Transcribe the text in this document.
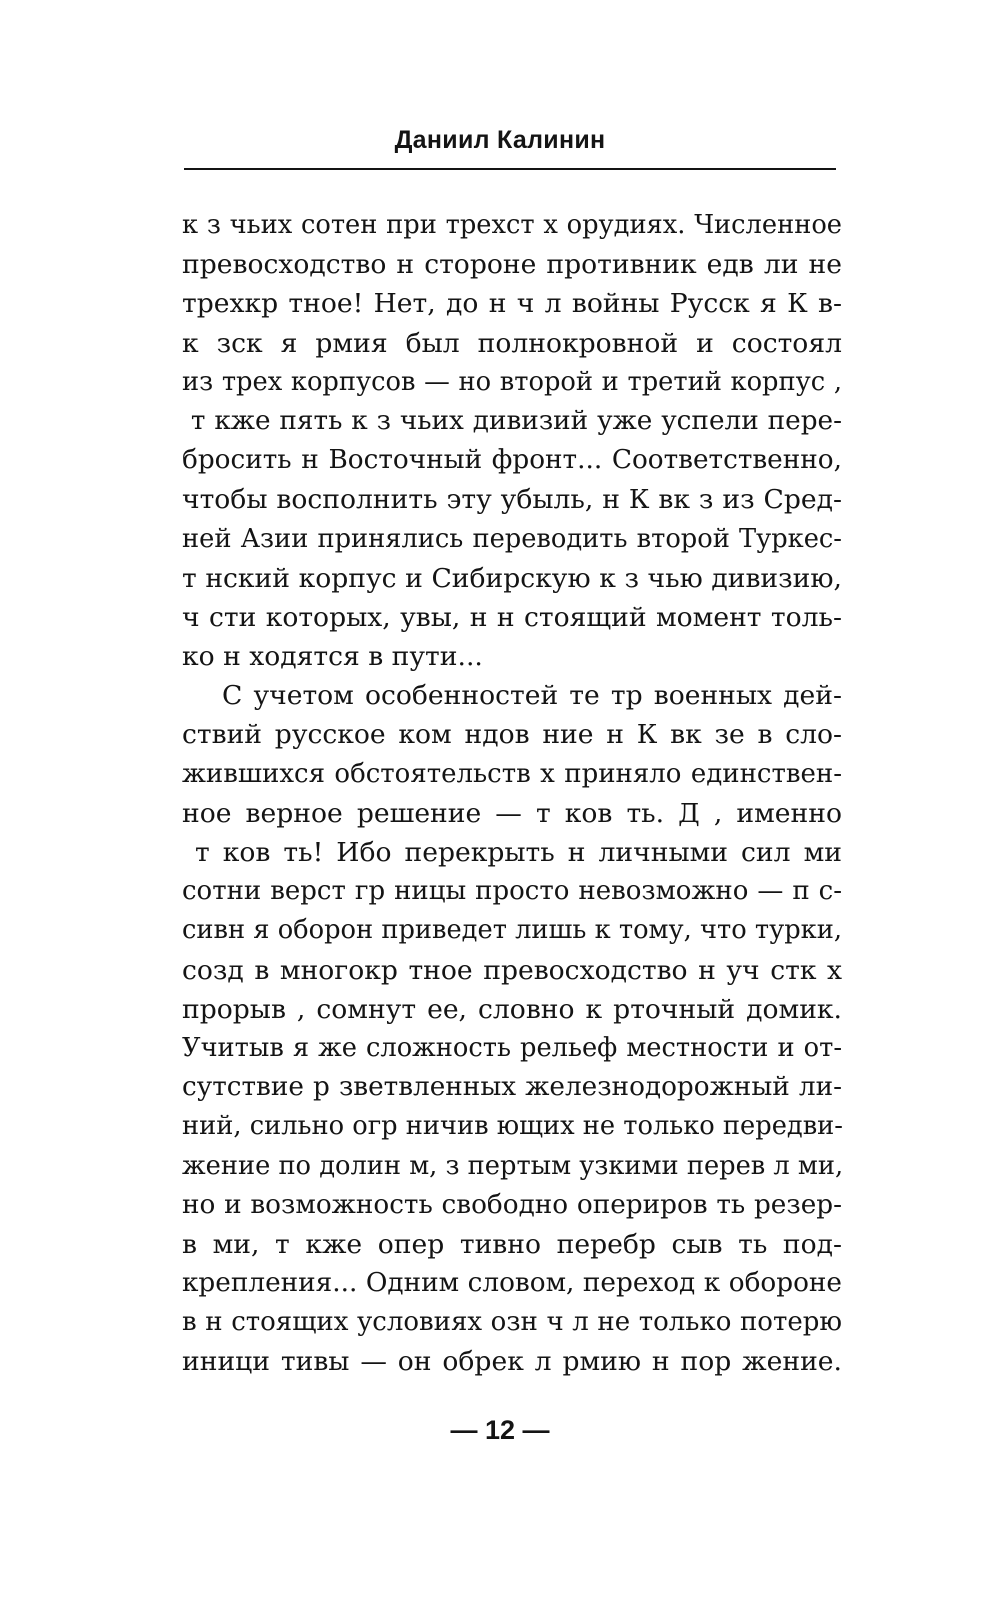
Даниил Калинин
к з чьих сотен при трехст х орудиях. Численное
превосходство н стороне противник едв ли не
трехкр тное! Нет, до н ч л войны Русск я К в-
к зск я рмия был полнокровной и состоял
из трех корпусов — но второй и третий корпус ,
т кже пять к з чьих дивизий уже успели пере-
бросить н Восточный фронт... Соответственно,
чтобы восполнить эту убыль, н К вк з из Сред-
ней Азии принялись переводить второй Туркес-
т нский корпус и Сибирскую к з чью дивизию,
ч сти которых, увы, н н стоящий момент толь-
ко н ходятся в пути...
С учетом особенностей те тр военных дей-
ствий русское ком ндов ние н К вк зе в сло-
жившихся обстоятельств х приняло единствен-
ное верное решение — т ков ть. Д , именно
т ков ть! Ибо перекрыть н личными сил ми
сотни верст гр ницы просто невозможно — п с-
сивн я оборон приведет лишь к тому, что турки,
созд в многокр тное превосходство н уч стк х
прорыв , сомнут ее, словно к рточный домик.
Учитыв я же сложность рельеф местности и от-
сутствие р зветвленных железнодорожный ли-
ний, сильно огр ничив ющих не только передви-
жение по долин м, з пертым узкими перев л ми,
но и возможность свободно опериров ть резер-
в ми, т кже опер тивно перебр сыв ть под-
крепления... Одним словом, переход к обороне
в н стоящих условиях озн ч л не только потерю
иници тивы — он обрек л рмию н пор жение.
— 12 —
